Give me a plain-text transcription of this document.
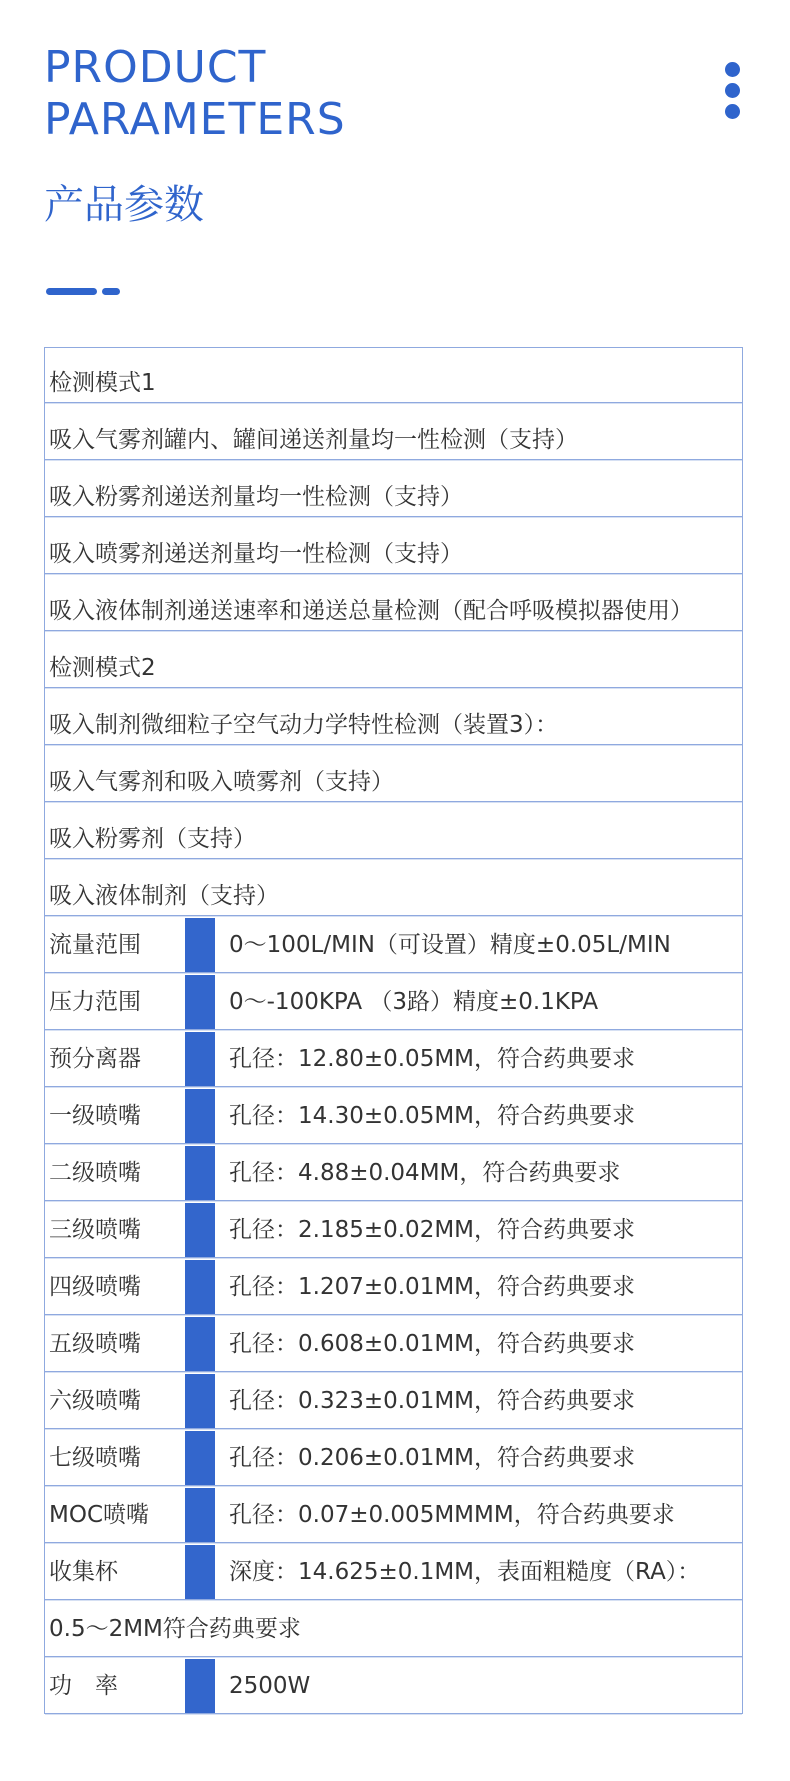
PRODUCT
PARAMETERS
产品参数
检测模式1
吸入气雾剂罐内、罐间递送剂量均一性检测（支持）
吸入粉雾剂递送剂量均一性检测（支持）
吸入喷雾剂递送剂量均一性检测（支持）
吸入液体制剂递送速率和递送总量检测（配合呼吸模拟器使用）
检测模式2
吸入制剂微细粒子空气动力学特性检测（装置3）：
吸入气雾剂和吸入喷雾剂（支持）
吸入粉雾剂（支持）
吸入液体制剂（支持）
流量范围	0～100L/MIN（可设置）精度±0.05L/MIN
压力范围	0～-100KPA （3路）精度±0.1KPA
预分离器	孔径：12.80±0.05MM，符合药典要求
一级喷嘴	孔径：14.30±0.05MM，符合药典要求
二级喷嘴	孔径：4.88±0.04MM，符合药典要求
三级喷嘴	孔径：2.185±0.02MM，符合药典要求
四级喷嘴	孔径：1.207±0.01MM，符合药典要求
五级喷嘴	孔径：0.608±0.01MM，符合药典要求
六级喷嘴	孔径：0.323±0.01MM，符合药典要求
七级喷嘴	孔径：0.206±0.01MM，符合药典要求
MOC喷嘴	孔径：0.07±0.005MMMM，符合药典要求
收集杯	深度：14.625±0.1MM，表面粗糙度（RA）：
0.5～2MM符合药典要求
功　率	2500W
